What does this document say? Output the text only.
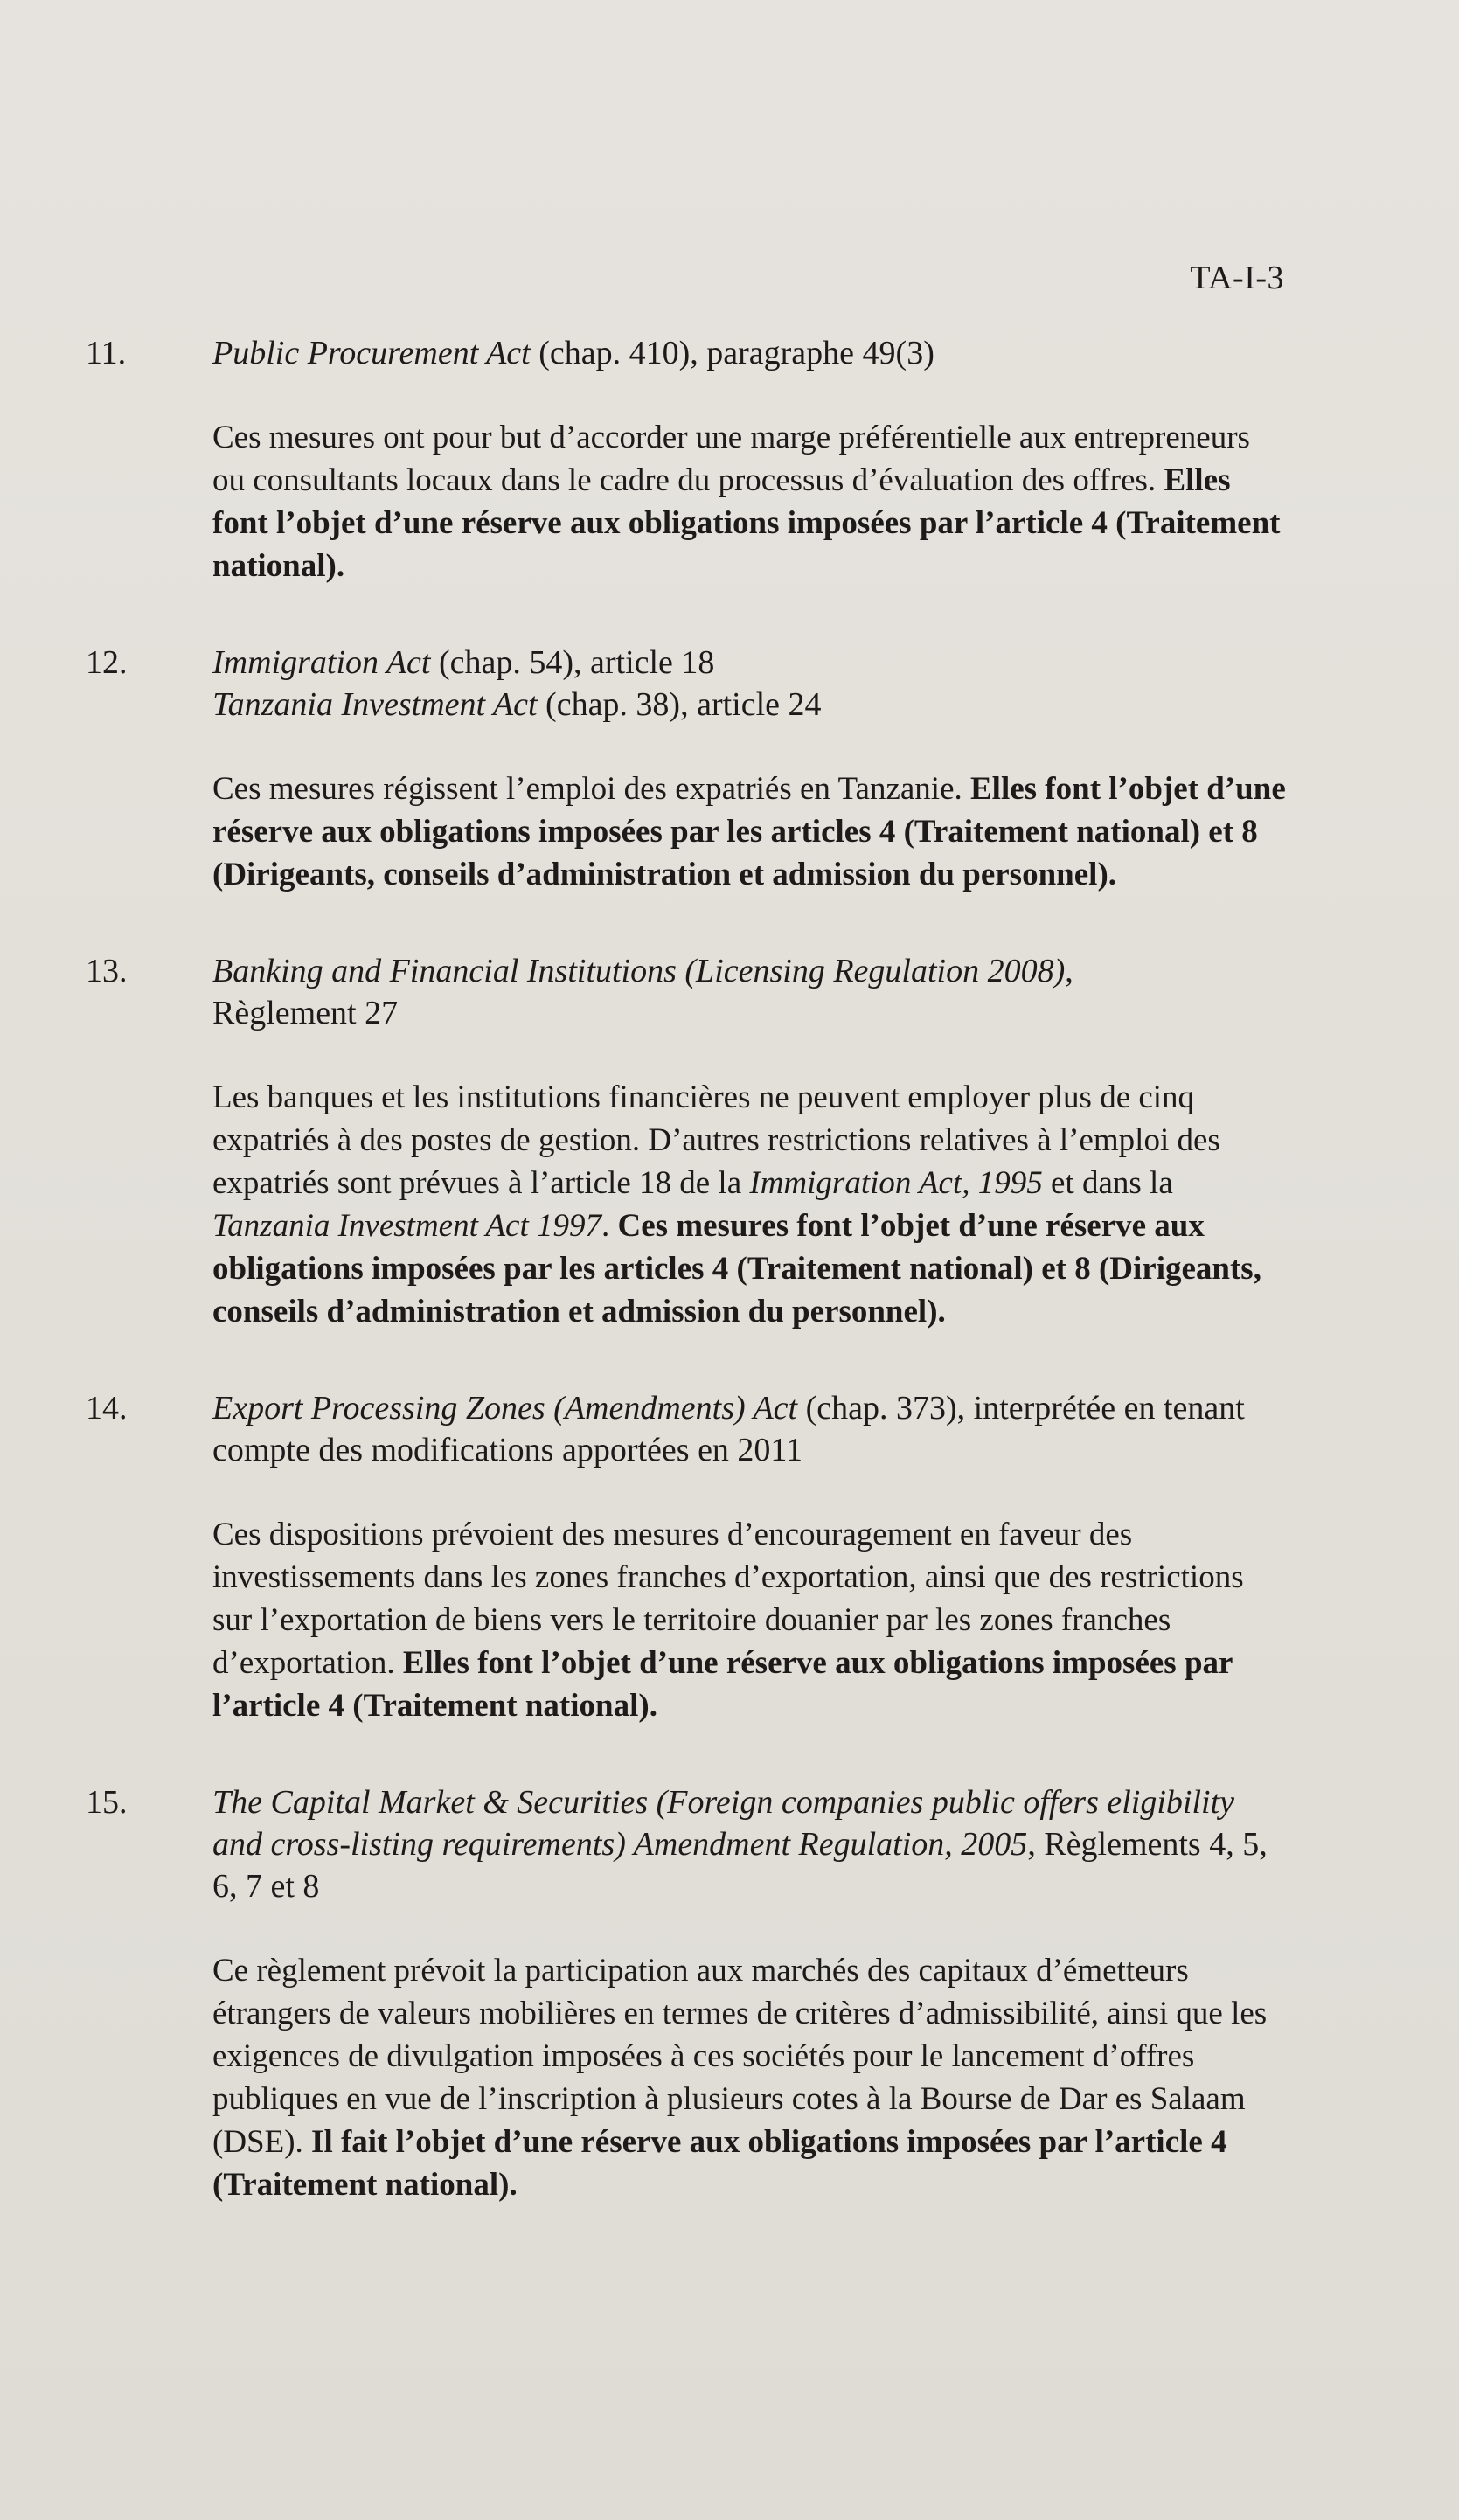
TA-I-3
11.	Public Procurement Act (chap. 410), paragraphe 49(3)
Ces mesures ont pour but d’accorder une marge préférentielle aux entrepreneurs ou consultants locaux dans le cadre du processus d’évaluation des offres. Elles font l’objet d’une réserve aux obligations imposées par l’article 4 (Traitement national).
12.	Immigration Act (chap. 54), article 18
Tanzania Investment Act (chap. 38), article 24
Ces mesures régissent l’emploi des expatriés en Tanzanie. Elles font l’objet d’une réserve aux obligations imposées par les articles 4 (Traitement national) et 8 (Dirigeants, conseils d’administration et admission du personnel).
13.	Banking and Financial Institutions (Licensing Regulation 2008),
Règlement 27
Les banques et les institutions financières ne peuvent employer plus de cinq expatriés à des postes de gestion. D’autres restrictions relatives à l’emploi des expatriés sont prévues à l’article 18 de la Immigration Act, 1995 et dans la Tanzania Investment Act 1997. Ces mesures font l’objet d’une réserve aux obligations imposées par les articles 4 (Traitement national) et 8 (Dirigeants, conseils d’administration et admission du personnel).
14.	Export Processing Zones (Amendments) Act (chap. 373), interprétée en tenant compte des modifications apportées en 2011
Ces dispositions prévoient des mesures d’encouragement en faveur des investissements dans les zones franches d’exportation, ainsi que des restrictions sur l’exportation de biens vers le territoire douanier par les zones franches d’exportation. Elles font l’objet d’une réserve aux obligations imposées par l’article 4 (Traitement national).
15.	The Capital Market & Securities (Foreign companies public offers eligibility and cross-listing requirements) Amendment Regulation, 2005, Règlements 4, 5, 6, 7 et 8
Ce règlement prévoit la participation aux marchés des capitaux d’émetteurs étrangers de valeurs mobilières en termes de critères d’admissibilité, ainsi que les exigences de divulgation imposées à ces sociétés pour le lancement d’offres publiques en vue de l’inscription à plusieurs cotes à la Bourse de Dar es Salaam (DSE). Il fait l’objet d’une réserve aux obligations imposées par l’article 4 (Traitement national).
